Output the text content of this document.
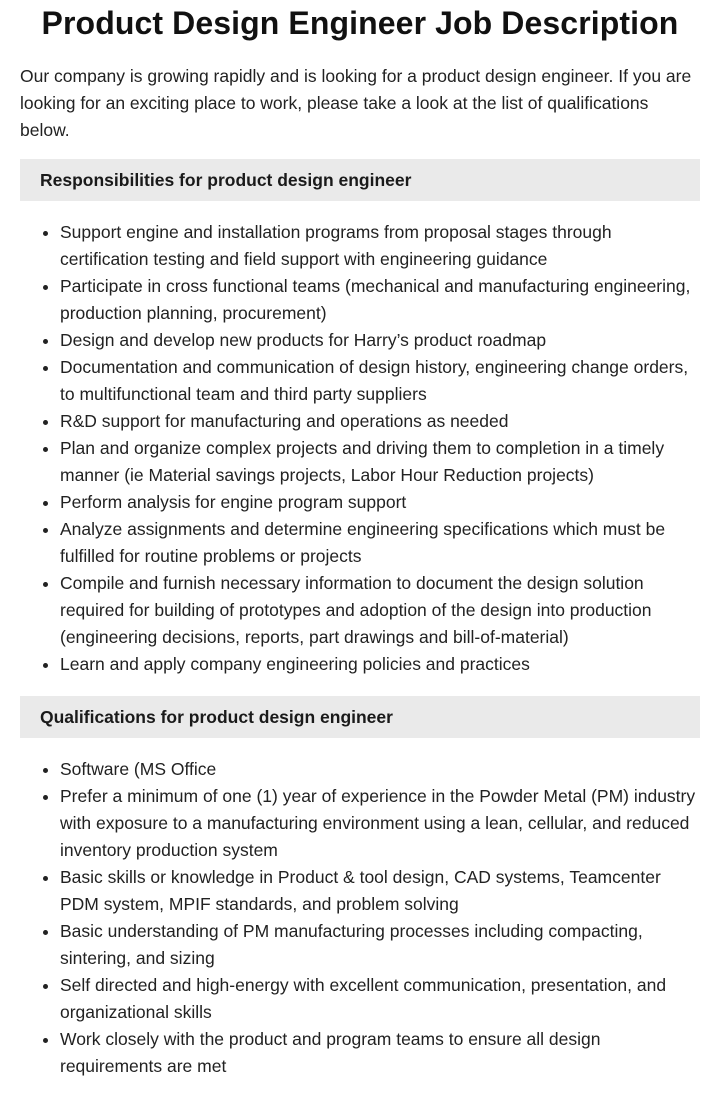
Product Design Engineer Job Description

Our company is growing rapidly and is looking for a product design engineer. If you are looking for an exciting place to work, please take a look at the list of qualifications below.

Responsibilities for product design engineer
• Support engine and installation programs from proposal stages through certification testing and field support with engineering guidance
• Participate in cross functional teams (mechanical and manufacturing engineering, production planning, procurement)
• Design and develop new products for Harry’s product roadmap
• Documentation and communication of design history, engineering change orders, to multifunctional team and third party suppliers
• R&D support for manufacturing and operations as needed
• Plan and organize complex projects and driving them to completion in a timely manner (ie Material savings projects, Labor Hour Reduction projects)
• Perform analysis for engine program support
• Analyze assignments and determine engineering specifications which must be fulfilled for routine problems or projects
• Compile and furnish necessary information to document the design solution required for building of prototypes and adoption of the design into production (engineering decisions, reports, part drawings and bill-of-material)
• Learn and apply company engineering policies and practices
Qualifications for product design engineer
• Software (MS Office
• Prefer a minimum of one (1) year of experience in the Powder Metal (PM) industry with exposure to a manufacturing environment using a lean, cellular, and reduced inventory production system
• Basic skills or knowledge in Product & tool design, CAD systems, Teamcenter PDM system, MPIF standards, and problem solving
• Basic understanding of PM manufacturing processes including compacting, sintering, and sizing
• Self directed and high-energy with excellent communication, presentation, and organizational skills
• Work closely with the product and program teams to ensure all design requirements are met
